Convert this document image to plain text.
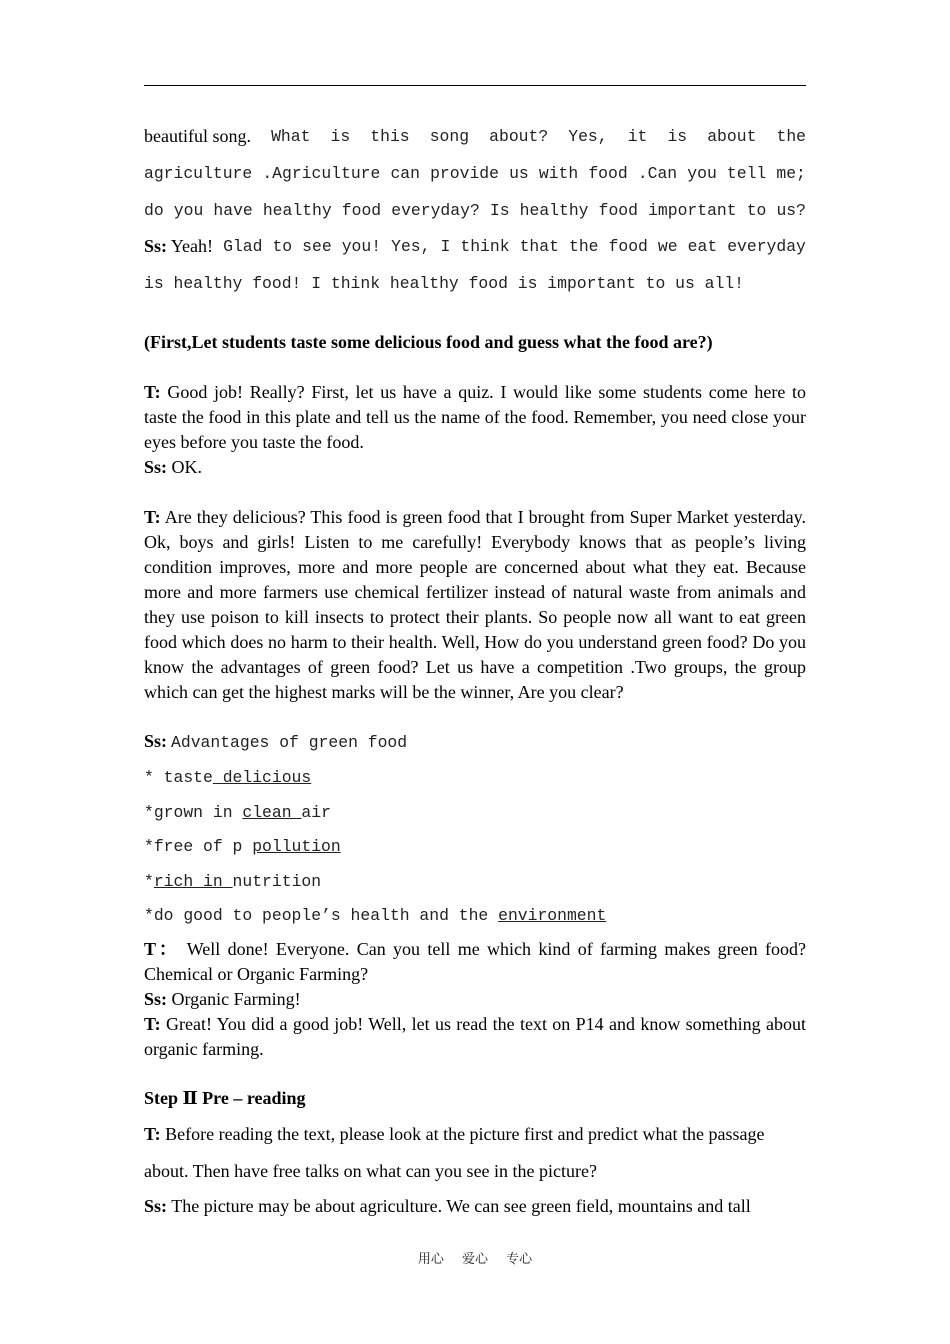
beautiful song. What is this song about? Yes, it is about the
agriculture .Agriculture can provide us with food .Can you tell me;
do you have healthy food everyday? Is healthy food important to us?
Ss: Yeah! Glad to see you! Yes, I think that the food we eat everyday
is healthy food! I think healthy food is important to us all!
(First,Let students taste some delicious food and guess what the food are?)
T: Good job! Really? First, let us have a quiz. I would like some students come here to taste the food in this plate and tell us the name of the food. Remember, you need close your eyes before you taste the food.
Ss: OK.
T: Are they delicious? This food is green food that I brought from Super Market yesterday. Ok, boys and girls! Listen to me carefully! Everybody knows that as people’s living condition improves, more and more people are concerned about what they eat. Because more and more farmers use chemical fertilizer instead of natural waste from animals and they use poison to kill insects to protect their plants. So people now all want to eat green food which does no harm to their health. Well, How do you understand green food? Do you know the advantages of green food? Let us have a competition .Two groups, the group which can get the highest marks will be the winner, Are you clear?
Ss: Advantages of green food
* taste delicious
*grown in clean air
*free of p pollution
*rich in nutrition
*do good to people’s health and the environment
T： Well done! Everyone. Can you tell me which kind of farming makes green food? Chemical or Organic Farming?
Ss: Organic Farming!
T: Great! You did a good job! Well, let us read the text on P14 and know something about organic farming.
Step Ⅱ Pre – reading
T: Before reading the text, please look at the picture first and predict what the passage
about. Then have free talks on what can you see in the picture?
Ss: The picture may be about agriculture. We can see green field, mountains and tall
用心 爱心 专心
